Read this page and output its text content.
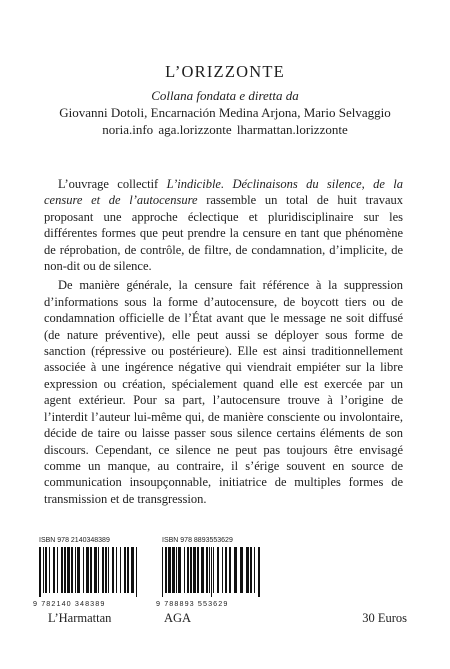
L’ORIZZONTE
Collana fondata e diretta da
Giovanni Dotoli, Encarnación Medina Arjona, Mario Selvaggio
noria.info aga.lorizzonte lharmattan.lorizzonte

L’ouvrage collectif L’indicible. Déclinaisons du silence, de la censure et de l’autocensure rassemble un total de huit travaux proposant une approche éclectique et pluridisciplinaire sur les différentes formes que peut prendre la censure en tant que phénomène de réprobation, de contrôle, de filtre, de condamnation, d’implicite, de non-dit ou de silence.

De manière générale, la censure fait référence à la suppression d’informations sous la forme d’autocensure, de boycott tiers ou de condamnation officielle de l’État avant que le message ne soit diffusé (de nature préventive), elle peut aussi se déployer sous forme de sanction (répressive ou postérieure). Elle est ainsi traditionnellement associée à une ingérence négative qui viendrait empiéter sur la libre expression ou création, spécialement quand elle est exercée par un agent extérieur. Pour sa part, l’autocensure trouve à l’origine de l’interdit l’auteur lui-même qui, de manière consciente ou involontaire, décide de taire ou laisse passer sous silence certains éléments de son discours. Cependant, ce silence ne peut pas toujours être envisagé comme un manque, au contraire, il s’érige souvent en source de communication insoupçonnable, initiatrice de multiples formes de transmission et de transgression.

ISBN 978 2140348389
9 782140 348389
L’Harmattan
ISBN 978 8893553629
9 788893 553629
AGA	30 Euros
